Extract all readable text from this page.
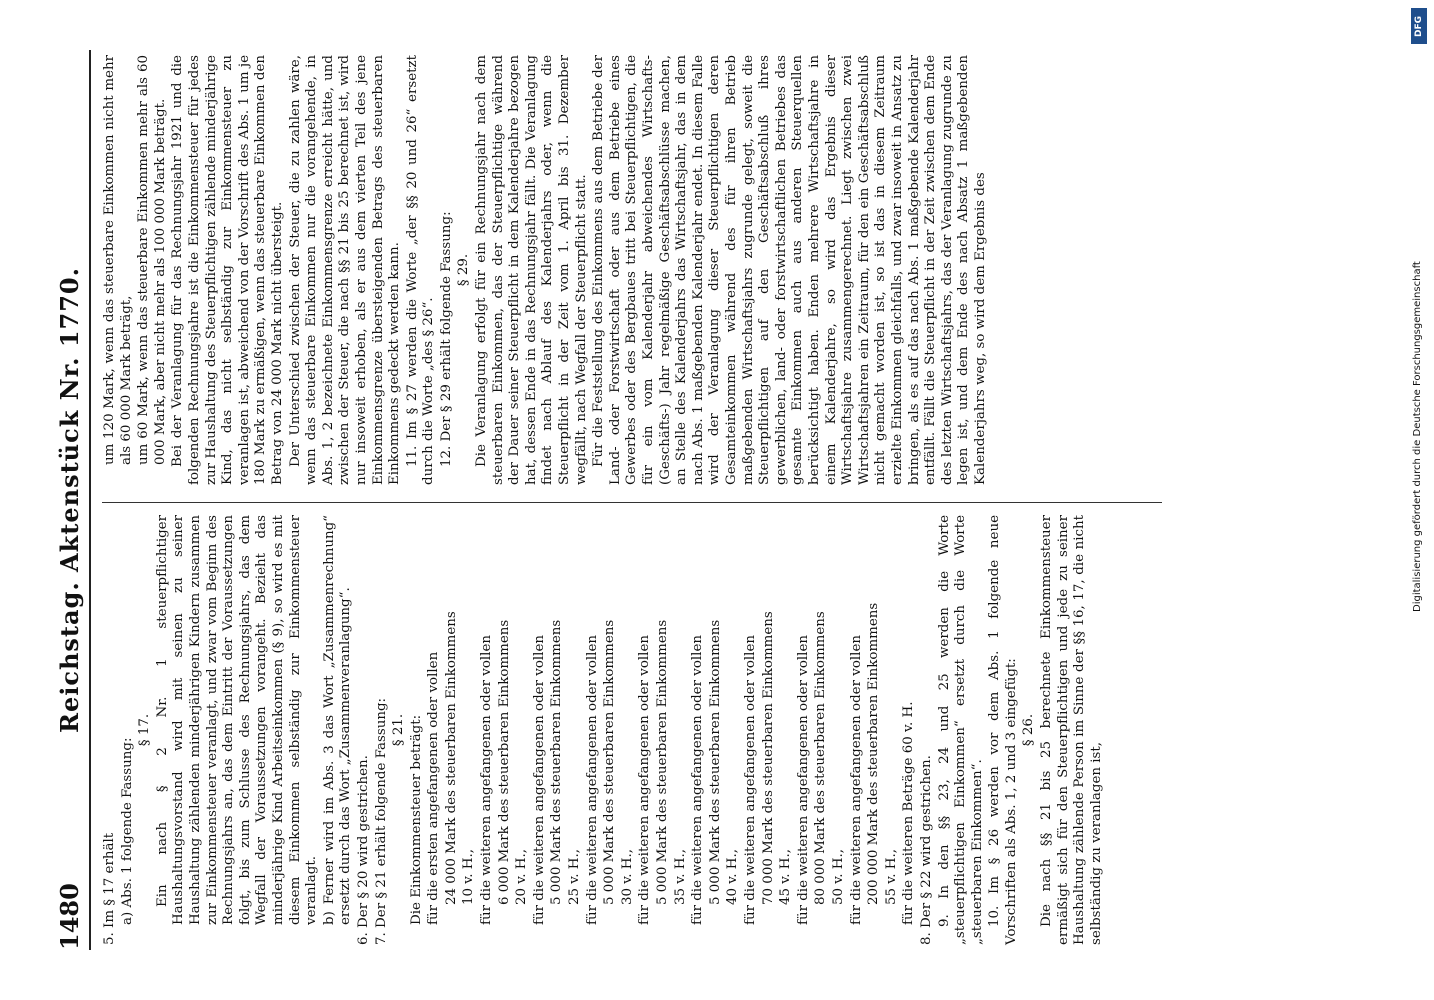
1480
Reichstag. Aktenstück Nr. 1770.

5. Im § 17 erhält a) Abs. 1 folgende Fassung:

§ 17. Ein nach § 2 Nr. 1 steuerpflichtiger Haushaltungsvorstand wird mit seinen zu seiner Haushaltung zählenden minderjährigen Kindern zusammen zur Einkommensteuer veranlagt, und zwar vom Beginn des Rechnungsjahrs an, das dem Eintritt der Voraussetzungen folgt, bis zum Schlusse des Rechnungsjahrs, das dem Wegfall der Voraussetzungen vorangeht. Bezieht das minderjährige Kind Arbeitseinkommen (§ 9), so wird es mit diesem Einkommen selbständig zur Einkommensteuer veranlagt. b) Ferner wird im Abs. 3 das Wort „Zusammenrechnung“ ersetzt durch das Wort „Zusammenveranlagung“. 6. Der § 20 wird gestrichen. 7. Der § 21 erhält folgende Fassung: § 21. Die Einkommensteuer beträgt: für die ersten angefangenen oder vollen 24 000 Mark des steuerbaren Einkommens 10 v. H., für die weiteren angefangenen oder vollen 6 000 Mark des steuerbaren Einkommens 20 v. H., für die weiteren angefangenen oder vollen 5 000 Mark des steuerbaren Einkommens 25 v. H., für die weiteren angefangenen oder vollen 5 000 Mark des steuerbaren Einkommens 30 v. H., für die weiteren angefangenen oder vollen 5 000 Mark des steuerbaren Einkommens 35 v. H., für die weiteren angefangenen oder vollen 5 000 Mark des steuerbaren Einkommens 40 v. H., für die weiteren angefangenen oder vollen 70 000 Mark des steuerbaren Einkommens 45 v. H., für die weiteren angefangenen oder vollen 80 000 Mark des steuerbaren Einkommens 50 v. H., für die weiteren angefangenen oder vollen 200 000 Mark des steuerbaren Einkommens 55 v. H., für die weiteren Beträge 60 v. H. 8. Der § 22 wird gestrichen. 9. In den §§ 23, 24 und 25 werden die Worte „steuerpflichtigen Einkommen“ ersetzt durch die Worte „steuerbaren Einkommen“. 10. Im § 26 werden vor dem Abs. 1 folgende neue Vorschriften als Abs. 1, 2 und 3 eingefügt: § 26. Die nach §§ 21 bis 25 berechnete Einkommensteuer ermäßigt sich für den Steuerpflichtigen und jede zu seiner Haushaltung zählende Person im Sinne der §§ 16, 17, die nicht selbständig zu veranlagen ist,

um 120 Mark, wenn das steuerbare Einkommen nicht mehr als 60 000 Mark beträgt, um 60 Mark, wenn das steuerbare Einkommen mehr als 60 000 Mark, aber nicht mehr als 100 000 Mark beträgt. Bei der Veranlagung für das Rechnungsjahr 1921 und die folgenden Rechnungsjahre ist die Einkommensteuer für jedes zur Haushaltung des Steuerpflichtigen zählende minderjährige Kind, das nicht selbständig zur Einkommensteuer zu veranlagen ist, abweichend von der Vorschrift des Abs. 1 um je 180 Mark zu ermäßigen, wenn das steuerbare Einkommen den Betrag von 24 000 Mark nicht übersteigt. Der Unterschied zwischen der Steuer, die zu zahlen wäre, wenn das steuerbare Einkommen nur die vorangehende, in Abs. 1, 2 bezeichnete Einkommensgrenze erreicht hätte, und zwischen der Steuer, die nach §§ 21 bis 25 berechnet ist, wird nur insoweit erhoben, als er aus dem vierten Teil des jene Einkommensgrenze übersteigenden Betrags des steuerbaren Einkommens gedeckt werden kann. 11. Im § 27 werden die Worte „der §§ 20 und 26“ ersetzt durch die Worte „des § 26“. 12. Der § 29 erhält folgende Fassung: § 29. Die Veranlagung erfolgt für ein Rechnungsjahr nach dem steuerbaren Einkommen, das der Steuerpflichtige während der Dauer seiner Steuerpflicht in dem Kalenderjahre bezogen hat, dessen Ende in das Rechnungsjahr fällt. Die Veranlagung findet nach Ablauf des Kalenderjahrs oder, wenn die Steuerpflicht in der Zeit vom 1. April bis 31. Dezember wegfällt, nach Wegfall der Steuerpflicht statt. Für die Feststellung des Einkommens aus dem Betriebe der Land- oder Forstwirtschaft oder aus dem Betriebe eines Gewerbes oder des Bergbaues tritt bei Steuerpflichtigen, die für ein vom Kalenderjahr abweichendes Wirtschafts- (Geschäfts-) Jahr regelmäßige Geschäftsabschlüsse machen, an Stelle des Kalenderjahrs das Wirtschaftsjahr, das in dem nach Abs. 1 maßgebenden Kalenderjahr endet. In diesem Falle wird der Veranlagung dieser Steuerpflichtigen deren Gesamteinkommen während des für ihren Betrieb maßgebenden Wirtschaftsjahrs zugrunde gelegt, soweit die Steuerpflichtigen auf den Geschäftsabschluß ihres gewerblichen, land- oder forstwirtschaftlichen Betriebes das gesamte Einkommen auch aus anderen Steuerquellen berücksichtigt haben. Enden mehrere Wirtschaftsjahre in einem Kalenderjahre, so wird das Ergebnis dieser Wirtschaftsjahre zusammengerechnet. Liegt zwischen zwei Wirtschaftsjahren ein Zeitraum, für den ein Geschäftsabschluß nicht gemacht worden ist, so ist das in diesem Zeitraum erzielte Einkommen gleichfalls, und zwar insoweit in Ansatz zu bringen, als es auf das nach Abs. 1 maßgebende Kalenderjahr entfällt. Fällt die Steuerpflicht in der Zeit zwischen dem Ende des letzten Wirtschaftsjahrs, das der Veranlagung zugrunde zu legen ist, und dem Ende des nach Absatz 1 maßgebenden Kalenderjahrs weg, so wird dem Ergebnis des

DFG
Digitalisierung gefördert durch die Deutsche Forschungsgemeinschaft
